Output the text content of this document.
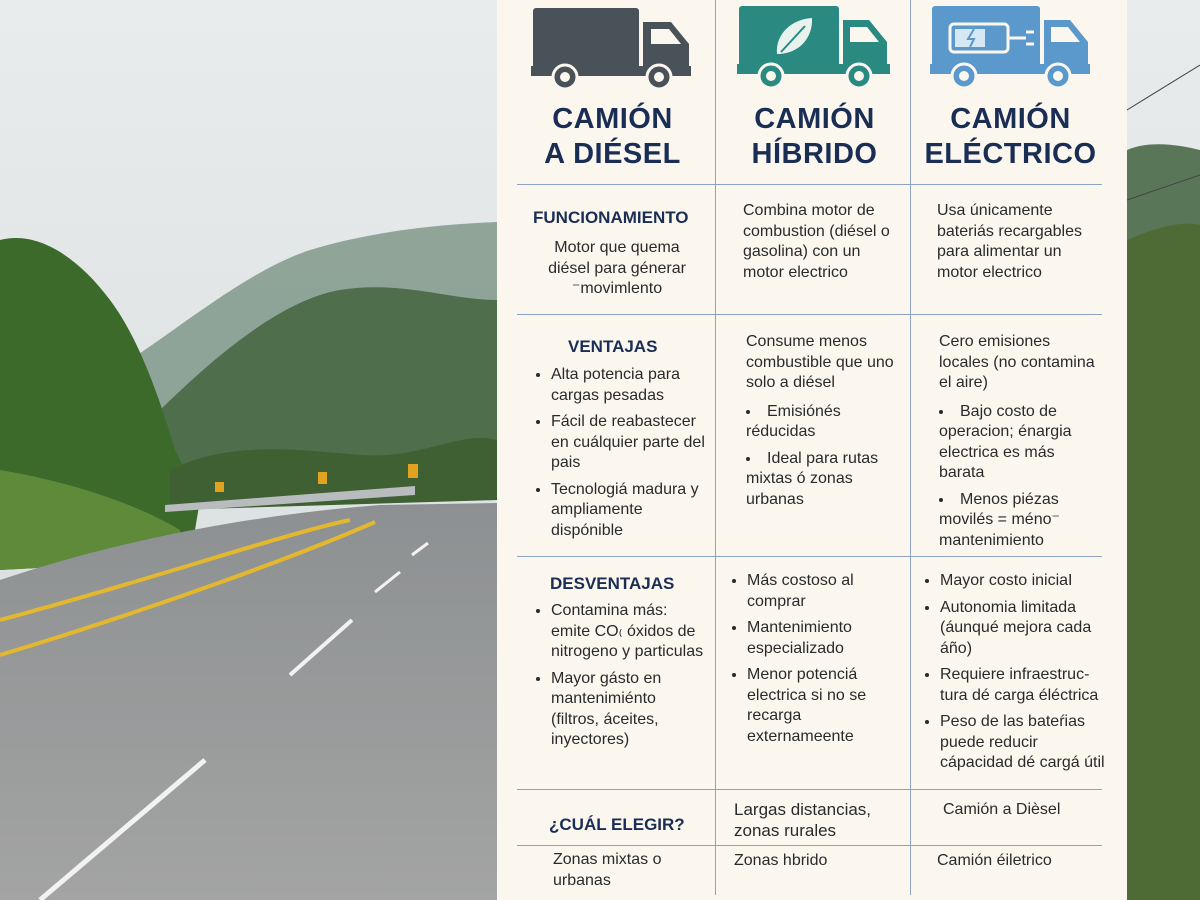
CAMIÓN
A DIÉSEL
CAMIÓN
HÍBRIDO
CAMIÓN
ELÉCTRICO
FUNCIONAMIENTO
Motor que quema diésel para génerar ⁻movimlento
Combina motor de combustion (diésel o gasolina) con un motor electrico
Usa únicamente bateriás recargables para alimentar un motor electrico
VENTAJAS
• Alta potencia para cargas pesadas
• Fácil de reabastecer en cuálquier parte del pais
• Tecnologiá madura y ampliamente dispónible
Consume menos combustible que uno solo a diésel
• Emisiónés réducidas
• Ideal para rutas mixtas ó zonas urbanas
Cero emisiones locales (no contamina el aire)
• Bajo costo de operacion; énargia electrica es más barata
• Menos piézas movilés = méno⁻ mantenimiento
DESVENTAJAS
• Contamina más: emite CO₍ óxidos de nitrogeno y particulas
• Mayor gásto en mantenimiénto (filtros, áceites, inyectores)
• Más costoso al comprar
• Mantenimiento especializado
• Menor potenciá electrica si no se recarga externameente
• Mayor costo iniciaI
• Autonomia limitada (áunqué mejora cada áño)
• Requiere infraestruc-tura dé carga éléctrica
• Peso de las bateŕias puede reducir cápacidad dé cargá útil
¿CUÁL ELEGIR?
Largas distancias, zonas rurales
Camión a Dièsel
Zonas mixtas o urbanas
Zonas hbrido	Camión éiletrico
